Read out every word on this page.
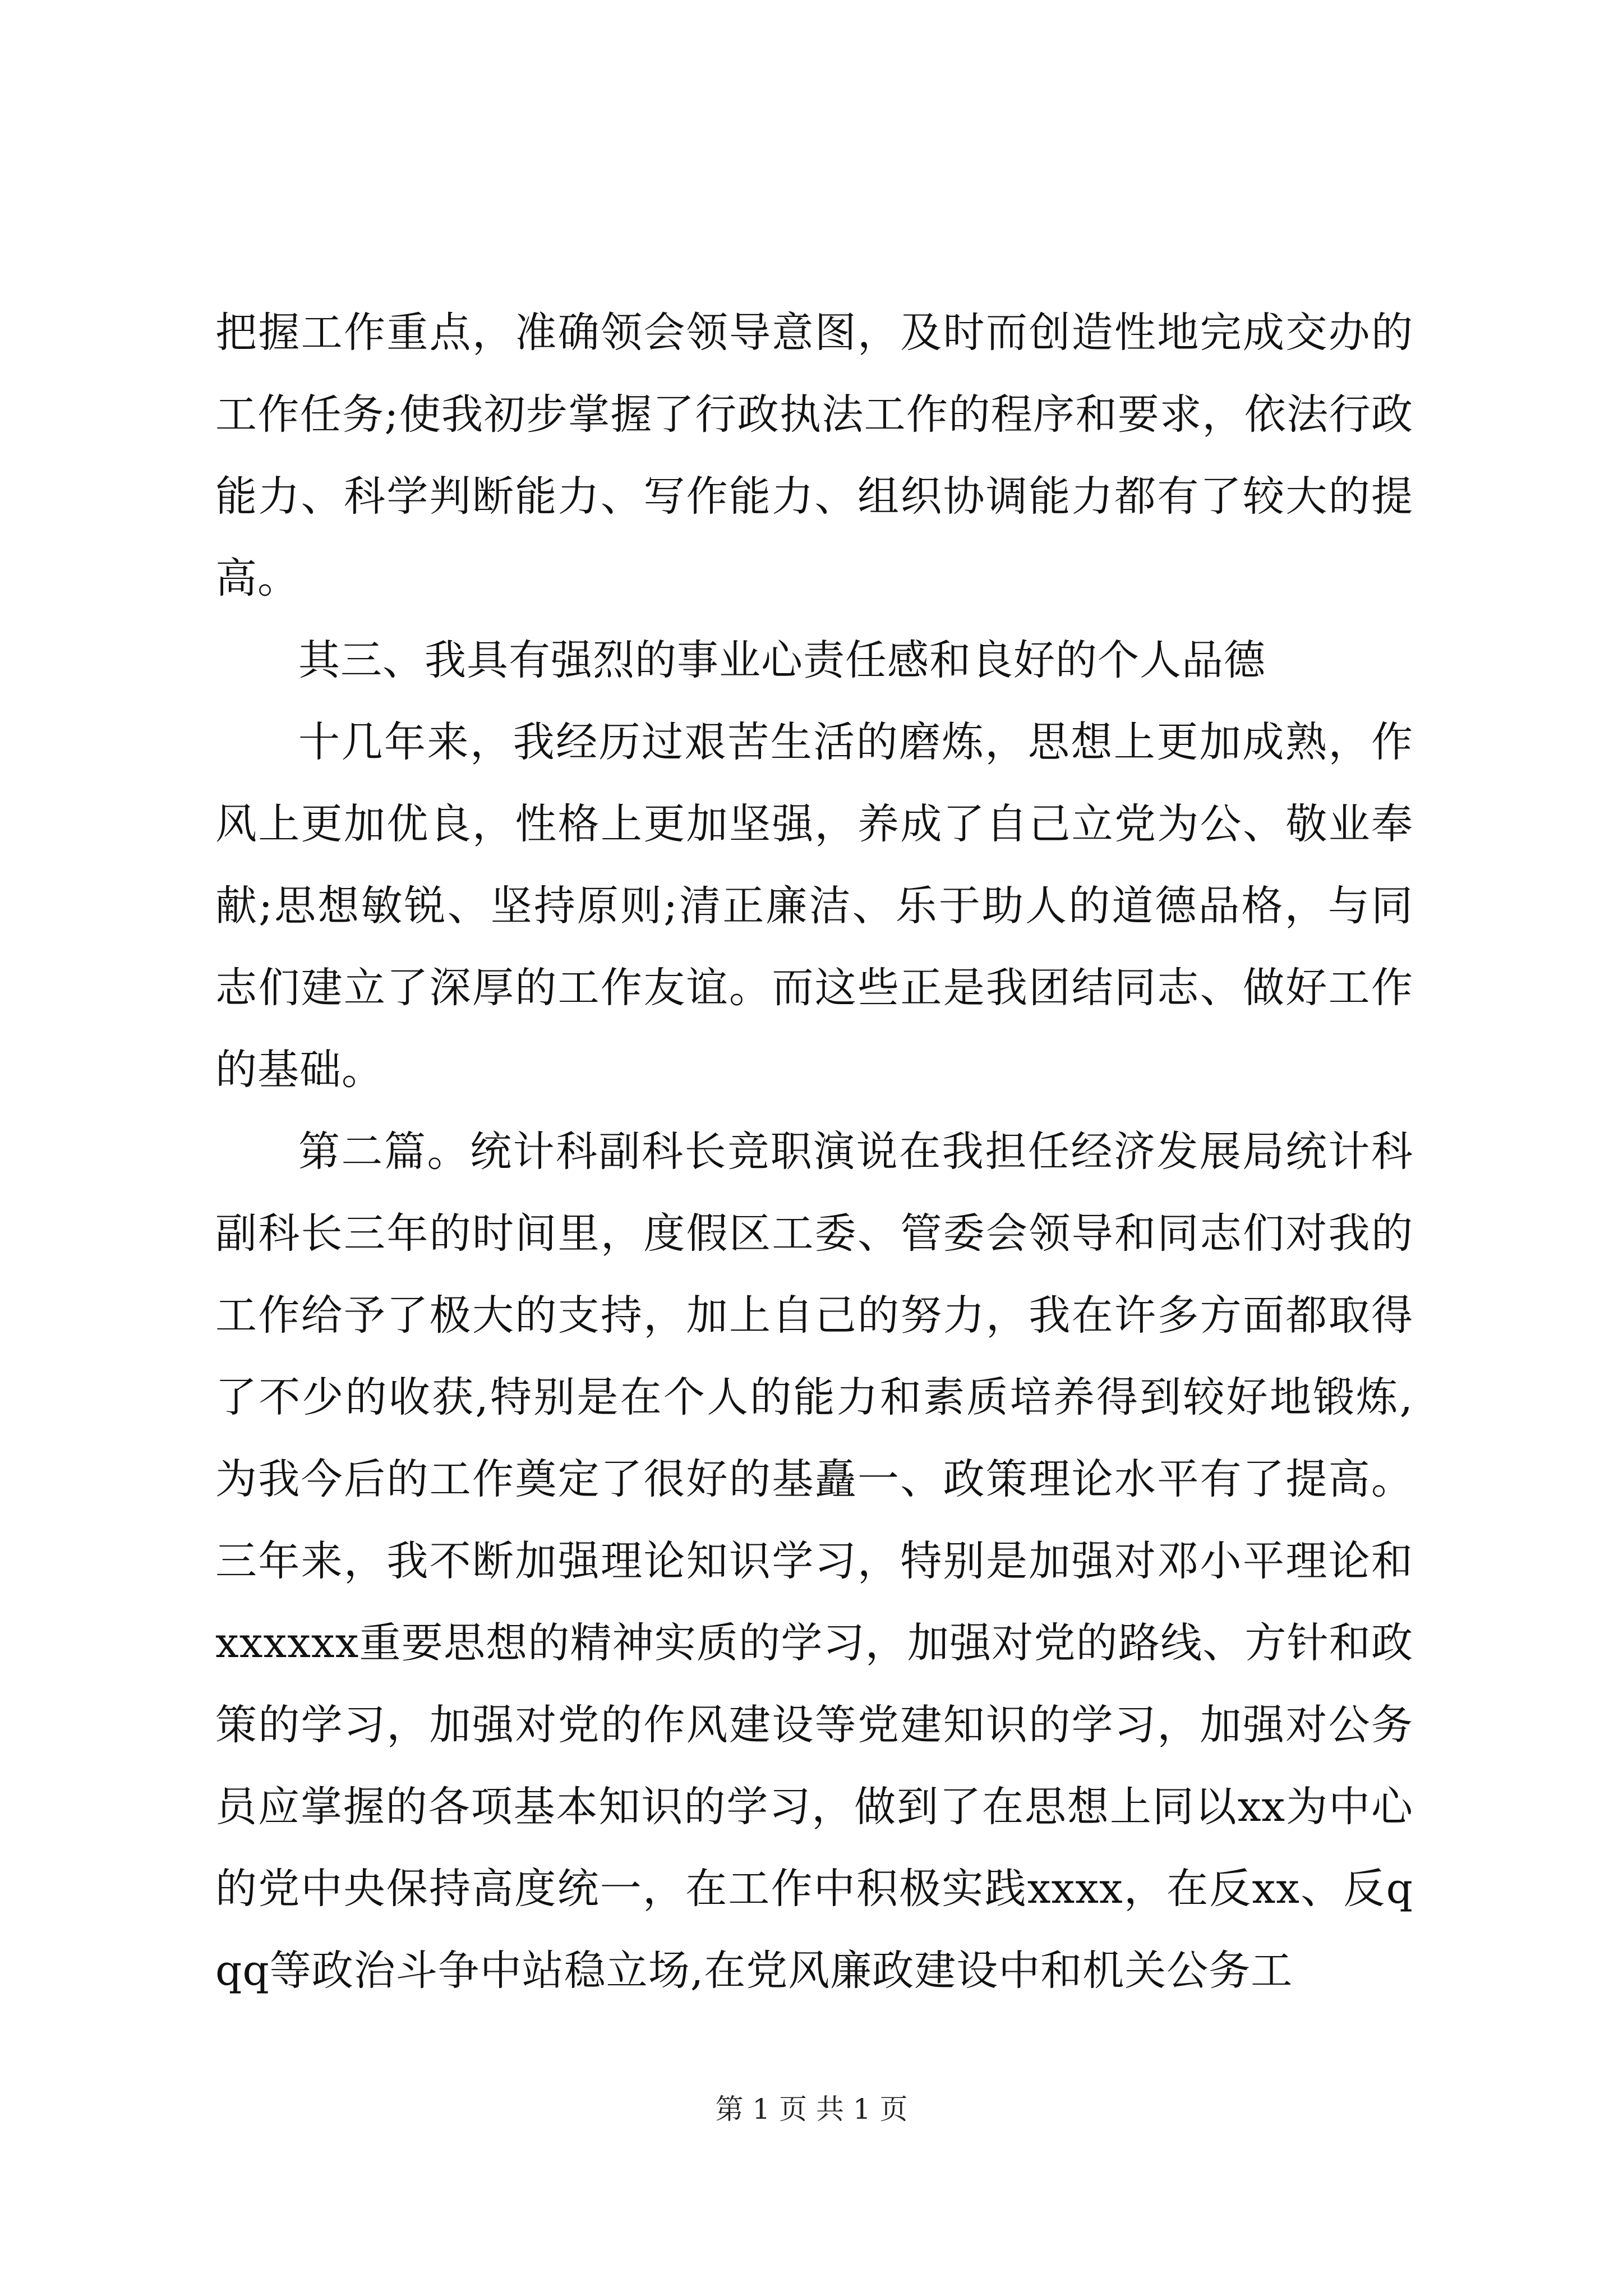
把握工作重点，准确领会领导意图，及时而创造性地完成交办的工作任务;使我初步掌握了行政执法工作的程序和要求，依法行政能力、科学判断能力、写作能力、组织协调能力都有了较大的提高。

其三、我具有强烈的事业心责任感和良好的个人品德

十几年来，我经历过艰苦生活的磨炼，思想上更加成熟，作风上更加优良，性格上更加坚强，养成了自己立党为公、敬业奉献;思想敏锐、坚持原则;清正廉洁、乐于助人的道德品格，与同志们建立了深厚的工作友谊。而这些正是我团结同志、做好工作的基础。

第二篇。统计科副科长竞职演说在我担任经济发展局统计科副科长三年的时间里，度假区工委、管委会领导和同志们对我的工作给予了极大的支持，加上自己的努力，我在许多方面都取得了不少的收获,特别是在个人的能力和素质培养得到较好地锻炼,为我今后的工作奠定了很好的基矗一、政策理论水平有了提高。三年来，我不断加强理论知识学习，特别是加强对邓小平理论和xxxxxx重要思想的精神实质的学习，加强对党的路线、方针和政策的学习，加强对党的作风建设等党建知识的学习，加强对公务员应掌握的各项基本知识的学习，做到了在思想上同以xx为中心的党中央保持高度统一，在工作中积极实践xxxx，在反xx、反qqq等政治斗争中站稳立场,在党风廉政建设中和机关公务工

第 1 页 共 1 页
